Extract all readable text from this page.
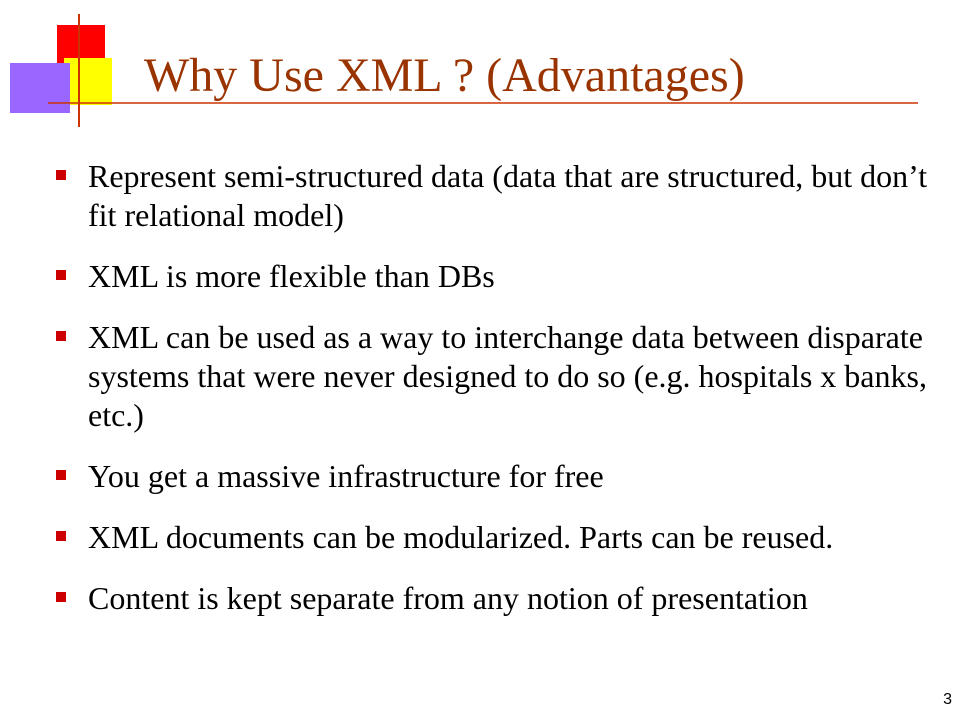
Why Use XML ? (Advantages)
Represent semi-structured data (data that are structured, but don’t fit relational model)
XML is more flexible than DBs
XML can be used as a way to interchange data between disparate systems that were never designed to do so (e.g. hospitals x banks, etc.)
You get a massive infrastructure for free
XML documents can be modularized. Parts can be reused.
Content is kept separate from any notion of presentation
3
